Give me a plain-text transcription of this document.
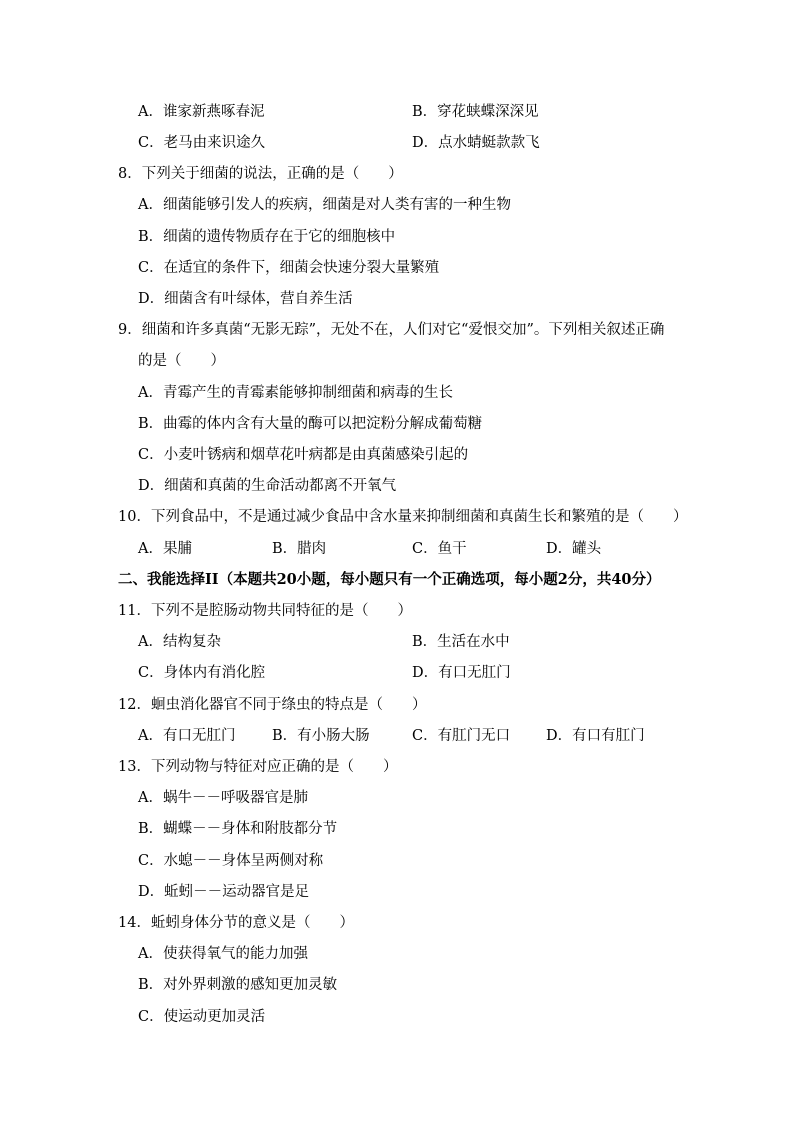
A．谁家新燕啄春泥	B．穿花蛱蝶深深见
C．老马由来识途久	D．点水蜻蜓款款飞
8．下列关于细菌的说法，正确的是（　　）
A．细菌能够引发人的疾病，细菌是对人类有害的一种生物
B．细菌的遗传物质存在于它的细胞核中
C．在适宜的条件下，细菌会快速分裂大量繁殖
D．细菌含有叶绿体，营自养生活
9．细菌和许多真菌“无影无踪”，无处不在，人们对它“爱恨交加”。下列相关叙述正确
的是（　　）
A．青霉产生的青霉素能够抑制细菌和病毒的生长
B．曲霉的体内含有大量的酶可以把淀粉分解成葡萄糖
C．小麦叶锈病和烟草花叶病都是由真菌感染引起的
D．细菌和真菌的生命活动都离不开氧气
10．下列食品中，不是通过减少食品中含水量来抑制细菌和真菌生长和繁殖的是（　　）
A．果脯	B．腊肉	C．鱼干	D．罐头
二、我能选择II（本题共20小题，每小题只有一个正确选项，每小题2分，共40分）
11．下列不是腔肠动物共同特征的是（　　）
A．结构复杂	B．生活在水中
C．身体内有消化腔	D．有口无肛门
12．蛔虫消化器官不同于绦虫的特点是（　　）
A．有口无肛门	B．有小肠大肠	C．有肛门无口 D．有口有肛门
13．下列动物与特征对应正确的是（　　）
A．蜗牛－－呼吸器官是肺
B．蝴蝶－－身体和附肢都分节
C．水螅－－身体呈两侧对称
D．蚯蚓－－运动器官是足
14．蚯蚓身体分节的意义是（　　）
A．使获得氧气的能力加强
B．对外界刺激的感知更加灵敏
C．使运动更加灵活
